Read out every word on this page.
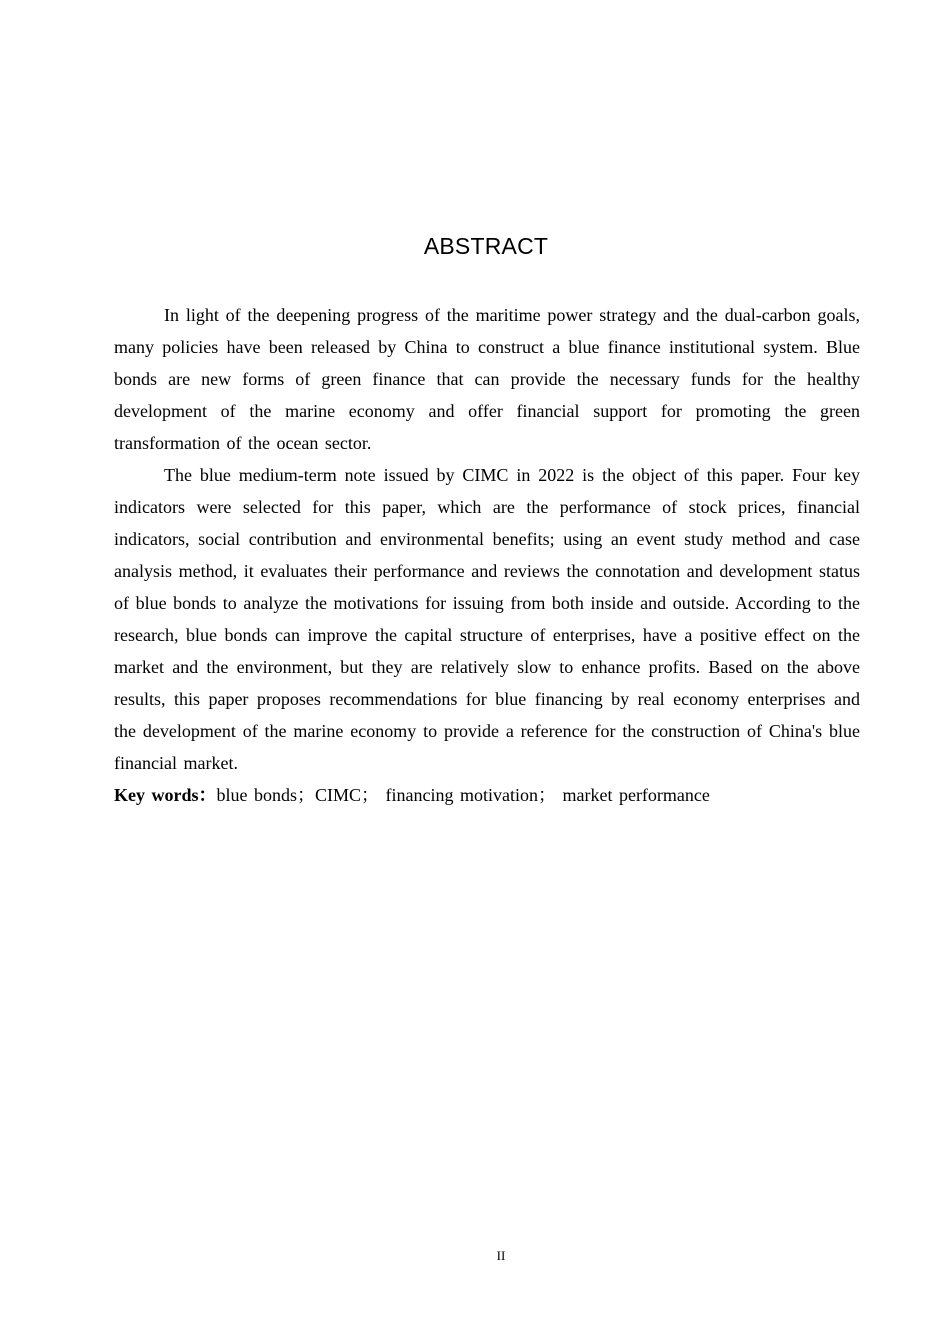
ABSTRACT

In light of the deepening progress of the maritime power strategy and the dual-carbon goals, many policies have been released by China to construct a blue finance institutional system. Blue bonds are new forms of green finance that can provide the necessary funds for the healthy development of the marine economy and offer financial support for promoting the green transformation of the ocean sector.

The blue medium-term note issued by CIMC in 2022 is the object of this paper. Four key indicators were selected for this paper, which are the performance of stock prices, financial indicators, social contribution and environmental benefits; using an event study method and case analysis method, it evaluates their performance and reviews the connotation and development status of blue bonds to analyze the motivations for issuing from both inside and outside. According to the research, blue bonds can improve the capital structure of enterprises, have a positive effect on the market and the environment, but they are relatively slow to enhance profits. Based on the above results, this paper proposes recommendations for blue financing by real economy enterprises and the development of the marine economy to provide a reference for the construction of China's blue financial market.

Key words：blue bonds；CIMC； financing motivation； market performance

II
